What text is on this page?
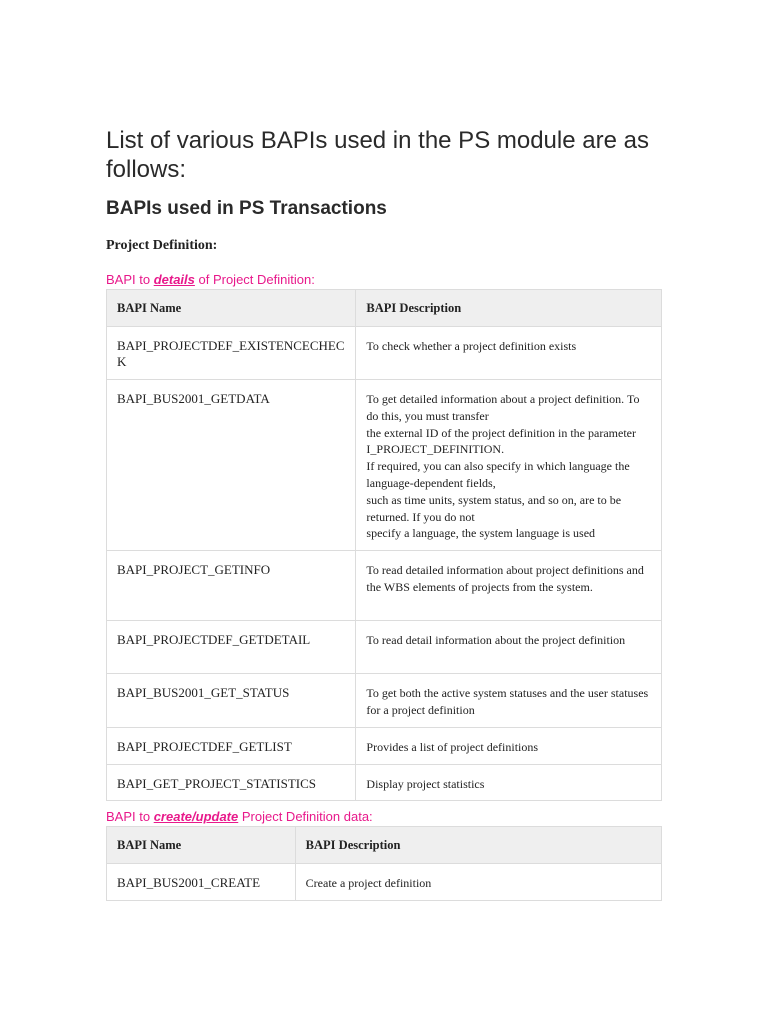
List of various BAPIs used in the PS module are as follows:
BAPIs used in PS Transactions
Project Definition:

BAPI to details of Project Definition:

BAPI Name	BAPI Description
BAPI_PROJECTDEF_EXISTENCECHECK	To check whether a project definition exists

BAPI_BUS2001_GETDATA	To get detailed information about a project definition. To do this, you must transfer
the external ID of the project definition in the parameter I_PROJECT_DEFINITION.
If required, you can also specify in which language the language-dependent fields,
such as time units, system status, and so on, are to be returned. If you do not
specify a language, the system language is used

BAPI_PROJECT_GETINFO	To read detailed information about project definitions and the WBS elements of projects from the system.

BAPI_PROJECTDEF_GETDETAIL	To read detail information about the project definition

BAPI_BUS2001_GET_STATUS	To get both the active system statuses and the user statuses for a project definition

BAPI_PROJECTDEF_GETLIST	Provides a list of project definitions

BAPI_GET_PROJECT_STATISTICS	Display project statistics

BAPI to create/update Project Definition data:

BAPI Name	BAPI Description
BAPI_BUS2001_CREATE	Create a project definition
